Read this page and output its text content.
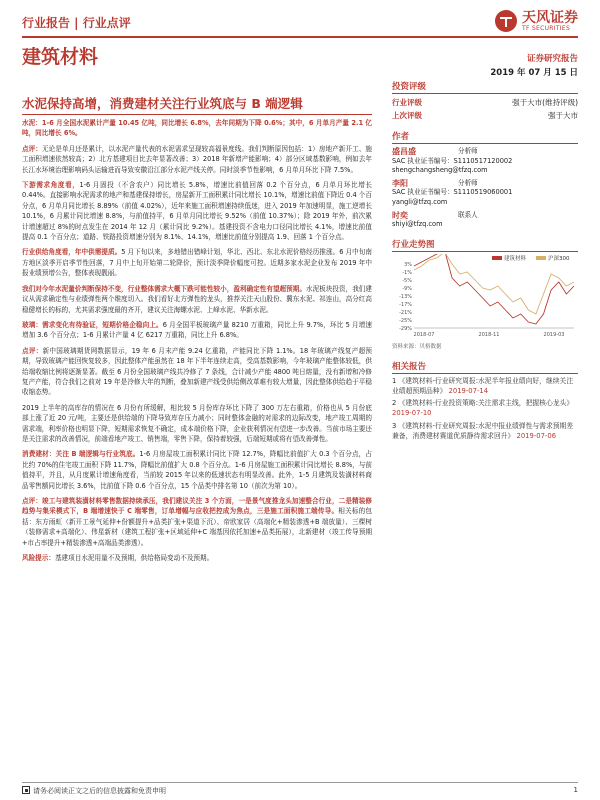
行业报告 | 行业点评	天风证券
TF SECURITIES
建筑材料	证券研究报告
2019 年 07 月 15 日
水泥保持高增，消费建材关注行业筑底与 B 端逻辑
水泥：1-6 月全国水泥累计产量 10.45 亿吨，同比增长 6.8%，去年同期为下降 0.6%；其中，6 月单月产量 2.1 亿吨，同比增长 6%。
点评：无论是单月还是累计，以水泥产量代表的水泥需求呈现较高福景度线。我们判断原因包括：1）房地产新开工、施工面积增速依然较高；2）北方基建项目比去年显著改善；3）2018 年新增产能影响；4）部分区域基数影响，例如去年长江水环境治理影响码头运输进而导致安徽沿江部分水泥产线关停。同时淡季节性影响，6 月单月环比下降 7.5%。
下游需求角度看，1-6 月固投（不含农户）同比增长 5.8%，增速比前值回落 0.2 个百分点，6 月单月环比增长 0.44%。直接影响水泥需求的地产和基建保持增长，房屋新开工面积累计同比增长 10.1%，增速比前值下降近 0.4 个百分点，6 月单月同比增长 8.89%（前值 4.02%），近年来施工面积增速持续低迷，进入 2019 年加速明显，施工逆增长 10.1%，6 月累计同比增速 8.8%，与前值持平，6 月单月同比增长 9.52%（前值 10.37%）；除 2019 年外，前次累计增速超过 8%的时点发生在 2014 年 12 月（累计同比 9.2%）。基建投资不含电力口径同比增长 4.1%，增速比前值提高 0.1 个百分点；道路、铁路投资增速分别为 8.1%、14.1%，增速比前值分别提高 1.9、回落 1 个百分点。
行业供给角度看，年中供需提质。5 月下旬以来，多地错出错峰计划，华北、西北、东北水泥价格经历推涨。6 月中旬南方地区淡季开启季节性回落，7 月中上旬开始第二轮降价，预计淡季降价幅度可控。近期多家水泥企业发布 2019 年中报业绩预增公告，整体表现靓丽。
我们对今年水泥量价判断保持不变，行业整体需求大概下跌可能性较小，盈利确定性有望超预期。水泥板块投资，我们建议从需求确定性与业绩弹性两个维度切入。我们看好北方弹性的龙头，推荐关注天山股份、冀东水泥、祁连山，高分红高稳健增长的标的，尤其需求强度最的齐开，建议关注海螺水泥、上峰水泥、华新水泥。
玻璃：需求变化有待验证，短期价格企稳向上。6 月全国平板玻璃产量 8210 万重箱，同比上升 9.7%，环比 5 月增速增加 3.6 个百分点；1-6 月累计产量 4 亿 6217 万重箱，同比上升 6.8%。
点评：新中国玻璃期货网数据显示，19 年 6 月末产能 9.24 亿重箱，产能同比下降 1.1%。18 年玻璃产线复产超预期，导致玻璃产能回恢复较多，因此整体产能虽然在 18 年下半年连续走高，受高基数影响，今年玻璃产能整体较低，供给端收缩比例将逐渐显著。截至 6 月份全国玻璃产线共冷修了 7 条线，合计减少产能 4800 吨日熔量，没有新增和冷修复产产能，符合我们之前对 19 年是冷修大年的判断，叠加新建产线受供给侧改革难有较大增量，因此整体供给趋于平稳收缩态势。
2019 上半年的高库存的情况在 6 月份有所缓解，相比较 5 月份库存环比下降了 300 万左右重箱，价格也从 5 月份底部上涨了近 20 元/吨，主要还是供给端的下降导致库存压力减小；同时整体金融的对需求的边际改变，地产竣工周期的需求端，利率价格也明显下降，短期需求恢复不确定，成本端价格下降，企业获利情况有望进一步改善。当前市场主要还是关注需求的改善情况，前端看地产竣工、销售端，零售下降，保持着较强，后端短期或将有望改善弹性。
消费建材：关注 B 端逻辑与行业筑底。1-6 月房屋竣工面积累计同比下降 12.7%，降幅比前值扩大 0.3 个百分点，占比约 70%的住宅竣工面积下降 11.7%，降幅比前值扩大 0.8 个百分点。1-6 月房屋施工面积累计同比增长 8.8%，与前值持平，并且，从月度累计增速角度看，当前较 2015 年以来的低速状态有明显改善。此外，1-5 月建筑及装潢材料商品零售额同比增长 3.6%，比前值下降 0.6 个百分点，15 个品类中排名第 10（前次为第 10）。
点评：竣工与建筑装潢材料零售数据持续承压，我们建议关注 3 个方面，一是景气度推龙头加速整合行业，二是精装修趋势与集采模式下，B 端增速快于 C 端零售，订单增幅与应收把控成为焦点，三是施工面积施工端传导。相关标的包括：东方雨虹（新开工景气延伸+份额提升+品类扩张+渠道下沉）、帝欧家居（高端化+精装渗透+B 端放量）、三棵树（装修需求+高端化）、伟星新材（建筑工程扩张+区域延伸+C 端基因依托加速+品类拓展），北新建材（竣工传导预期+市占率提升+精装渗透+高端品类渗透）。
风险提示：基建项目水泥用量不及预期，供给格局变动不及预期。
投资评级
行业评级	强于大市(维持评级)
上次评级	强于大市
作者
盛昌盛	分析师
SAC 执业证书编号：S1110517120002
shengchangsheng@tfzq.com
李阳	分析师
SAC 执业证书编号：S1110519060001
yangli@tfzq.com
时奕	联系人
shiyi@tfzq.com
行业走势图
3%
-1%
-5%
-9%
-13%
-17%
-21%
-25%
-29%
2018-07	2018-11	2019-03
建筑材料	沪深300
资料来源：贝格数据
相关报告
1 《建筑材料-行业研究周报:水泥半年报业绩向好，继续关注业绩超预期品种》 2019-07-14
2 《建筑材料-行业投资策略:关注需求主线，把握核心龙头》 2019-07-10
3 《建筑材料-行业研究周报:水泥中报业绩弹性与需求预期差兼备，消费建材赛道优质静待需求回升》 2019-07-06
请务必阅读正文之后的信息披露和免责申明	1
